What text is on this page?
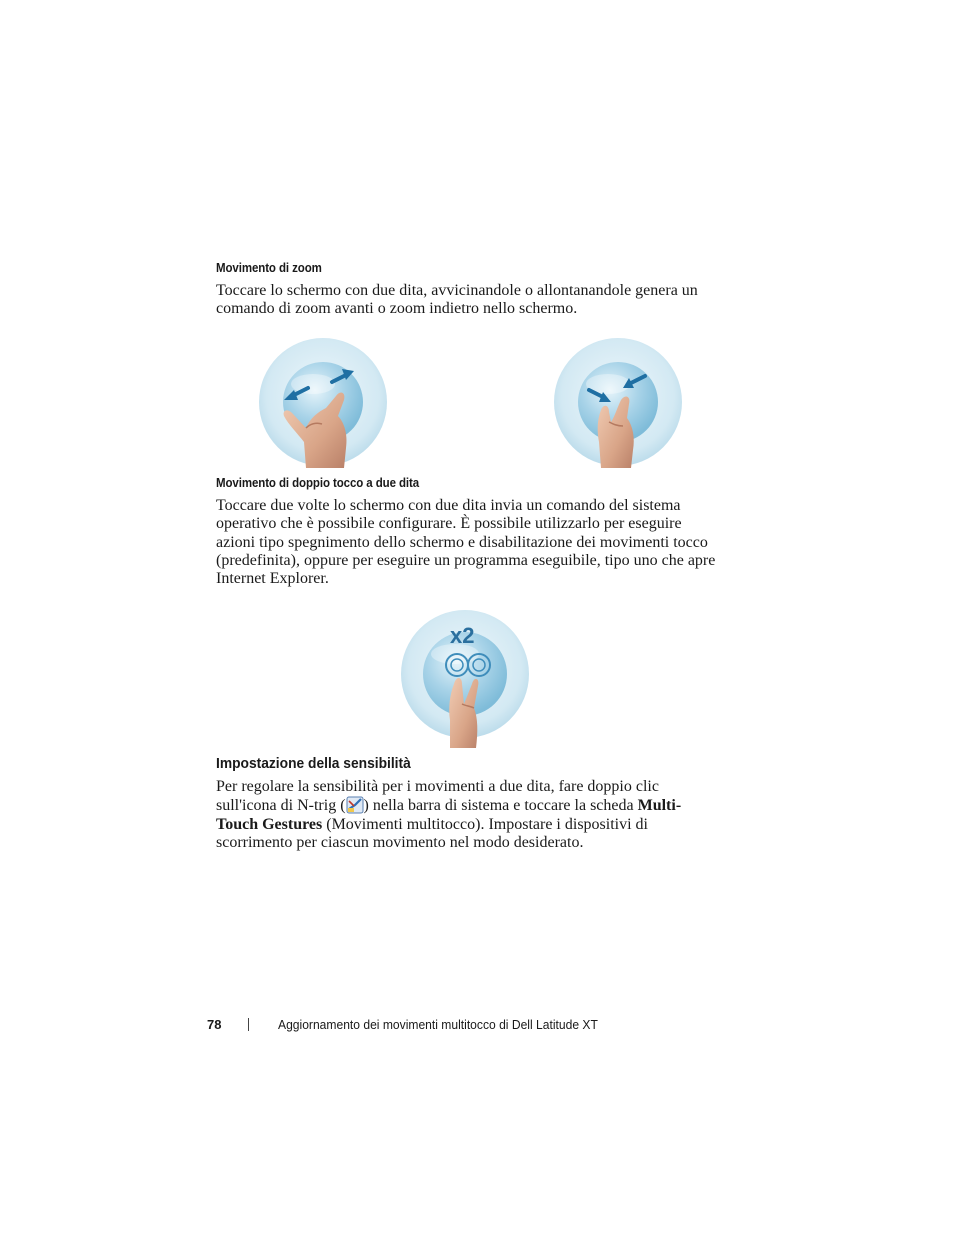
Movimento di zoom
Toccare lo schermo con due dita, avvicinandole o allontanandole genera un comando di zoom avanti o zoom indietro nello schermo.
Movimento di doppio tocco a due dita
Toccare due volte lo schermo con due dita invia un comando del sistema operativo che è possibile configurare. È possibile utilizzarlo per eseguire azioni tipo spegnimento dello schermo e disabilitazione dei movimenti tocco (predefinita), oppure per eseguire un programma eseguibile, tipo uno che apre Internet Explorer.
x2
Impostazione della sensibilità
Per regolare la sensibilità per i movimenti a due dita, fare doppio clic sull'icona di N-trig ( ) nella barra di sistema e toccare la scheda Multi-Touch Gestures (Movimenti multitocco). Impostare i dispositivi di scorrimento per ciascun movimento nel modo desiderato.
78	Aggiornamento dei movimenti multitocco di Dell Latitude XT
